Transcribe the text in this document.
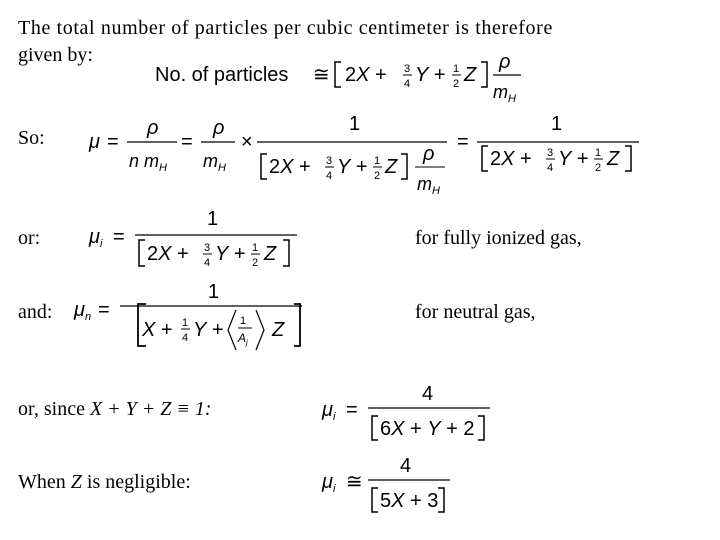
The total number of particles per cubic centimeter is therefore
given by:
So:
or:
and:
for fully ionized gas,
for neutral gas,
or, since X + Y + Z ≡ 1:
When Z is negligible:
No. of particles ≅ 2X + 3
4 Y + 1
2 Z
ρ
$m_H$
μ =
ρ
n $m_H$
=
ρ
$m_H$
×
1
2X + 3
4 Y + 1
2 Z
ρ
$m_H$
=
1
2X + 3
4 Y + 1
2 Z
$\mu_i$ =
1
2X + 3
4 Y + 1
2 Z
$\mu_n$ =
1
X + 1
4 Y + 1
$A_j$
Z
$\mu_i$ =
4
6X + Y + 2
$\mu_i$ ≅
4
5X + 3
